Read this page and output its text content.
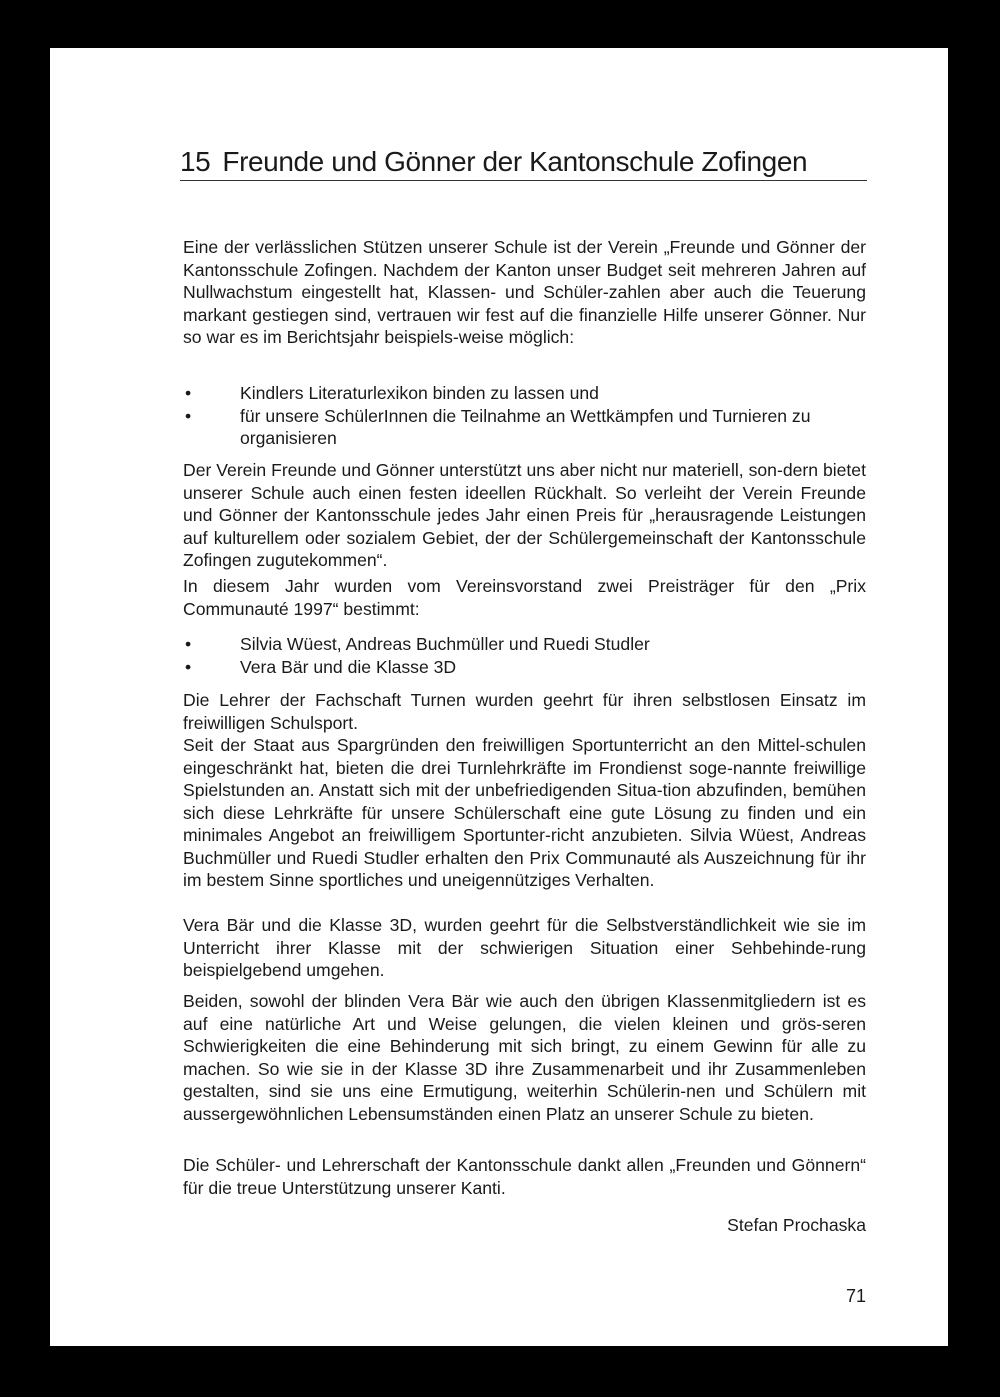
15 Freunde und Gönner der Kantonschule Zofingen

Eine der verlässlichen Stützen unserer Schule ist der Verein „Freunde und Gönner der Kantonsschule Zofingen. Nachdem der Kanton unser Budget seit mehreren Jahren auf Nullwachstum eingestellt hat, Klassen- und Schüler-zahlen aber auch die Teuerung markant gestiegen sind, vertrauen wir fest auf die finanzielle Hilfe unserer Gönner. Nur so war es im Berichtsjahr beispiels-weise möglich:

•	Kindlers Literaturlexikon binden zu lassen und
•	für unsere SchülerInnen die Teilnahme an Wettkämpfen und Turnieren zu organisieren

Der Verein Freunde und Gönner unterstützt uns aber nicht nur materiell, son-dern bietet unserer Schule auch einen festen ideellen Rückhalt. So verleiht der Verein Freunde und Gönner der Kantonsschule jedes Jahr einen Preis für „herausragende Leistungen auf kulturellem oder sozialem Gebiet, der der Schülergemeinschaft der Kantonsschule Zofingen zugutekommen“.

In diesem Jahr wurden vom Vereinsvorstand zwei Preisträger für den „Prix Communauté 1997“ bestimmt:

•	Silvia Wüest, Andreas Buchmüller und Ruedi Studler
•	Vera Bär und die Klasse 3D

Die Lehrer der Fachschaft Turnen wurden geehrt für ihren selbstlosen Einsatz im freiwilligen Schulsport.

Seit der Staat aus Spargründen den freiwilligen Sportunterricht an den Mittel-schulen eingeschränkt hat, bieten die drei Turnlehrkräfte im Frondienst soge-nannte freiwillige Spielstunden an. Anstatt sich mit der unbefriedigenden Situa-tion abzufinden, bemühen sich diese Lehrkräfte für unsere Schülerschaft eine gute Lösung zu finden und ein minimales Angebot an freiwilligem Sportunter-richt anzubieten. Silvia Wüest, Andreas Buchmüller und Ruedi Studler erhalten den Prix Communauté als Auszeichnung für ihr im bestem Sinne sportliches und uneigennütziges Verhalten.

Vera Bär und die Klasse 3D, wurden geehrt für die Selbstverständlichkeit wie sie im Unterricht ihrer Klasse mit der schwierigen Situation einer Sehbehinde-rung beispielgebend umgehen.

Beiden, sowohl der blinden Vera Bär wie auch den übrigen Klassenmitgliedern ist es auf eine natürliche Art und Weise gelungen, die vielen kleinen und grös-seren Schwierigkeiten die eine Behinderung mit sich bringt, zu einem Gewinn für alle zu machen. So wie sie in der Klasse 3D ihre Zusammenarbeit und ihr Zusammenleben gestalten, sind sie uns eine Ermutigung, weiterhin Schülerin-nen und Schülern mit aussergewöhnlichen Lebensumständen einen Platz an unserer Schule zu bieten.

Die Schüler- und Lehrerschaft der Kantonsschule dankt allen „Freunden und Gönnern“ für die treue Unterstützung unserer Kanti.

Stefan Prochaska
71
